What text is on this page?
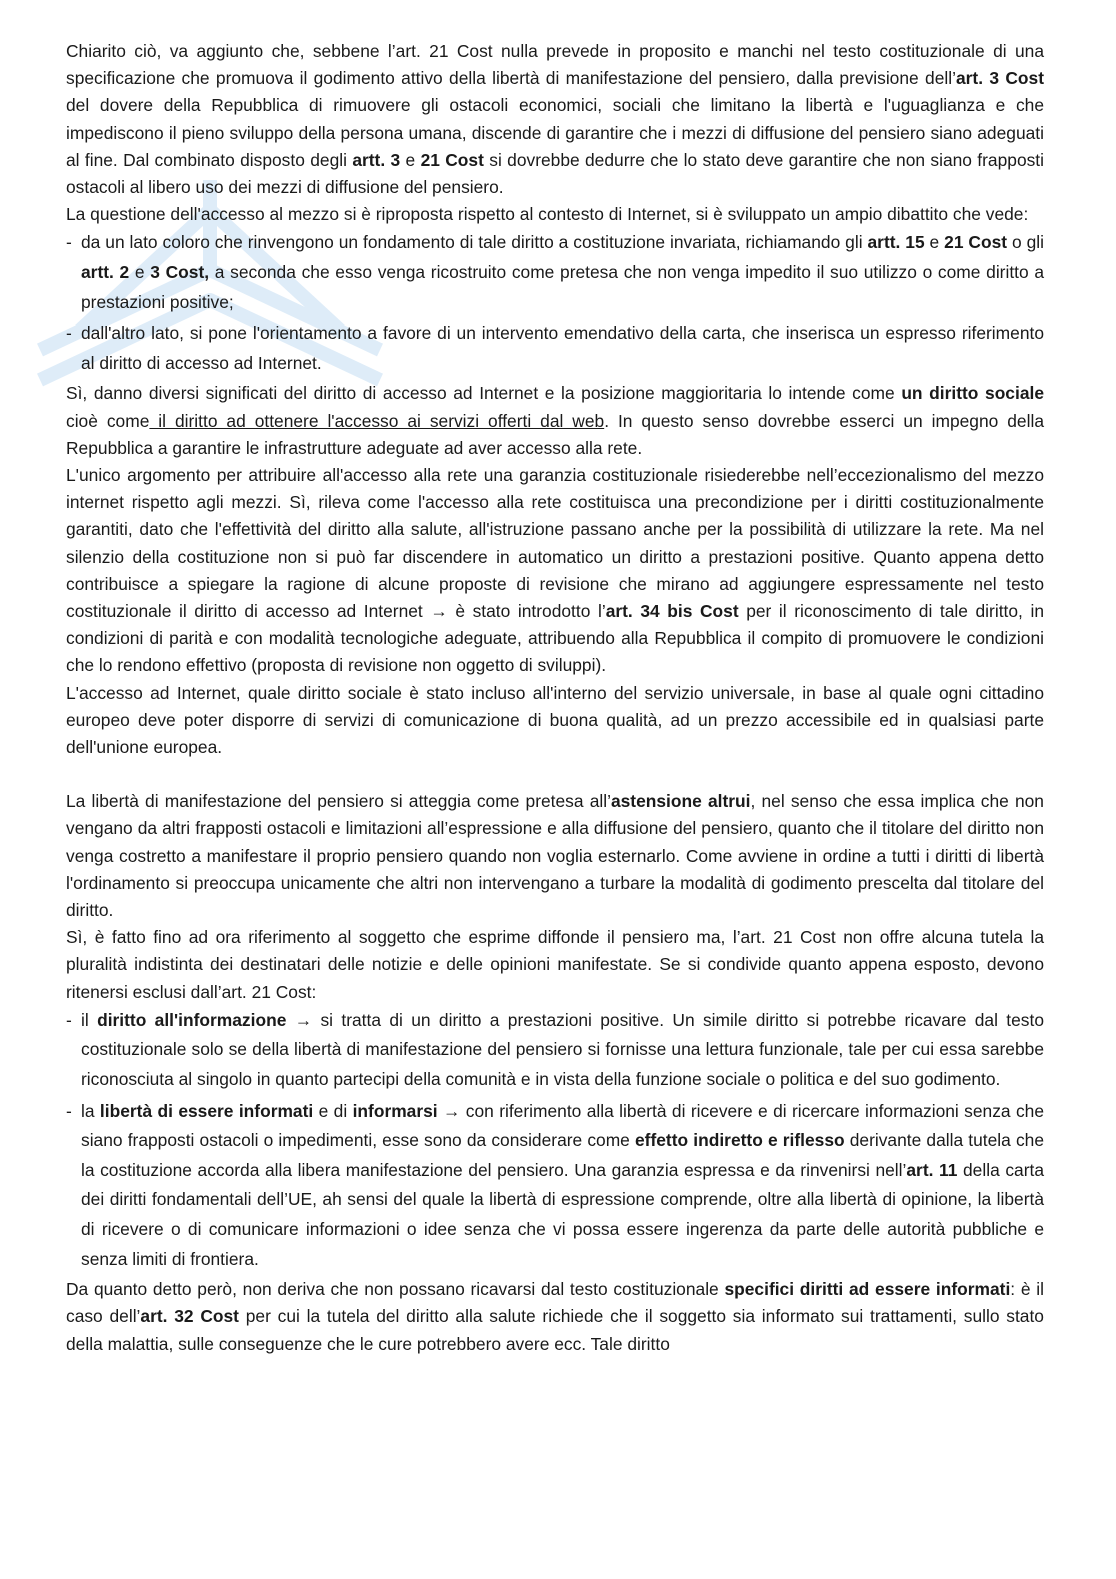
Chiarito ciò, va aggiunto che, sebbene l’art. 21 Cost nulla prevede in proposito e manchi nel testo costituzionale di una specificazione che promuova il godimento attivo della libertà di manifestazione del pensiero, dalla previsione dell’art. 3 Cost del dovere della Repubblica di rimuovere gli ostacoli economici, sociali che limitano la libertà e l'uguaglianza e che impediscono il pieno sviluppo della persona umana, discende di garantire che i mezzi di diffusione del pensiero siano adeguati al fine. Dal combinato disposto degli artt. 3 e 21 Cost si dovrebbe dedurre che lo stato deve garantire che non siano frapposti ostacoli al libero uso dei mezzi di diffusione del pensiero.

La questione dell'accesso al mezzo si è riproposta rispetto al contesto di Internet, si è sviluppato un ampio dibattito che vede:

- da un lato coloro che rinvengono un fondamento di tale diritto a costituzione invariata, richiamando gli artt. 15 e 21 Cost o gli artt. 2 e 3 Cost, a seconda che esso venga ricostruito come pretesa che non venga impedito il suo utilizzo o come diritto a prestazioni positive;
- dall'altro lato, si pone l'orientamento a favore di un intervento emendativo della carta, che inserisca un espresso riferimento al diritto di accesso ad Internet.

Sì, danno diversi significati del diritto di accesso ad Internet e la posizione maggioritaria lo intende come un diritto sociale cioè come il diritto ad ottenere l'accesso ai servizi offerti dal web. In questo senso dovrebbe esserci un impegno della Repubblica a garantire le infrastrutture adeguate ad aver accesso alla rete.

L'unico argomento per attribuire all'accesso alla rete una garanzia costituzionale risiederebbe nell’eccezionalismo del mezzo internet rispetto agli mezzi. Sì, rileva come l'accesso alla rete costituisca una precondizione per i diritti costituzionalmente garantiti, dato che l'effettività del diritto alla salute, all'istruzione passano anche per la possibilità di utilizzare la rete. Ma nel silenzio della costituzione non si può far discendere in automatico un diritto a prestazioni positive. Quanto appena detto contribuisce a spiegare la ragione di alcune proposte di revisione che mirano ad aggiungere espressamente nel testo costituzionale il diritto di accesso ad Internet → è stato introdotto l’art. 34 bis Cost per il riconoscimento di tale diritto, in condizioni di parità e con modalità tecnologiche adeguate, attribuendo alla Repubblica il compito di promuovere le condizioni che lo rendono effettivo (proposta di revisione non oggetto di sviluppi).

L'accesso ad Internet, quale diritto sociale è stato incluso all'interno del servizio universale, in base al quale ogni cittadino europeo deve poter disporre di servizi di comunicazione di buona qualità, ad un prezzo accessibile ed in qualsiasi parte dell'unione europea.

La libertà di manifestazione del pensiero si atteggia come pretesa all’astensione altrui, nel senso che essa implica che non vengano da altri frapposti ostacoli e limitazioni all’espressione e alla diffusione del pensiero, quanto che il titolare del diritto non venga costretto a manifestare il proprio pensiero quando non voglia esternarlo. Come avviene in ordine a tutti i diritti di libertà l'ordinamento si preoccupa unicamente che altri non intervengano a turbare la modalità di godimento prescelta dal titolare del diritto.

Sì, è fatto fino ad ora riferimento al soggetto che esprime diffonde il pensiero ma, l’art. 21 Cost non offre alcuna tutela la pluralità indistinta dei destinatari delle notizie e delle opinioni manifestate. Se si condivide quanto appena esposto, devono ritenersi esclusi dall’art. 21 Cost:

- il diritto all'informazione → si tratta di un diritto a prestazioni positive. Un simile diritto si potrebbe ricavare dal testo costituzionale solo se della libertà di manifestazione del pensiero si fornisse una lettura funzionale, tale per cui essa sarebbe riconosciuta al singolo in quanto partecipi della comunità e in vista della funzione sociale o politica e del suo godimento.
- la libertà di essere informati e di informarsi → con riferimento alla libertà di ricevere e di ricercare informazioni senza che siano frapposti ostacoli o impedimenti, esse sono da considerare come effetto indiretto e riflesso derivante dalla tutela che la costituzione accorda alla libera manifestazione del pensiero. Una garanzia espressa e da rinvenirsi nell’art. 11 della carta dei diritti fondamentali dell’UE, ah sensi del quale la libertà di espressione comprende, oltre alla libertà di opinione, la libertà di ricevere o di comunicare informazioni o idee senza che vi possa essere ingerenza da parte delle autorità pubbliche e senza limiti di frontiera.

Da quanto detto però, non deriva che non possano ricavarsi dal testo costituzionale specifici diritti ad essere informati: è il caso dell’art. 32 Cost per cui la tutela del diritto alla salute richiede che il soggetto sia informato sui trattamenti, sullo stato della malattia, sulle conseguenze che le cure potrebbero avere ecc. Tale diritto
